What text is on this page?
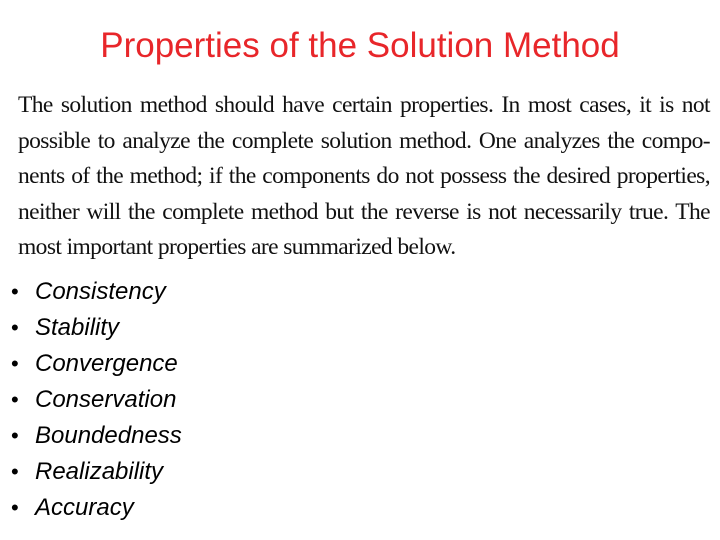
Properties of the Solution Method
The solution method should have certain properties. In most cases, it is not
possible to analyze the complete solution method. One analyzes the compo-
nents of the method; if the components do not possess the desired properties,
neither will the complete method but the reverse is not necessarily true. The
most important properties are summarized below.
• Consistency
• Stability
• Convergence
• Conservation
• Boundedness
• Realizability
• Accuracy
